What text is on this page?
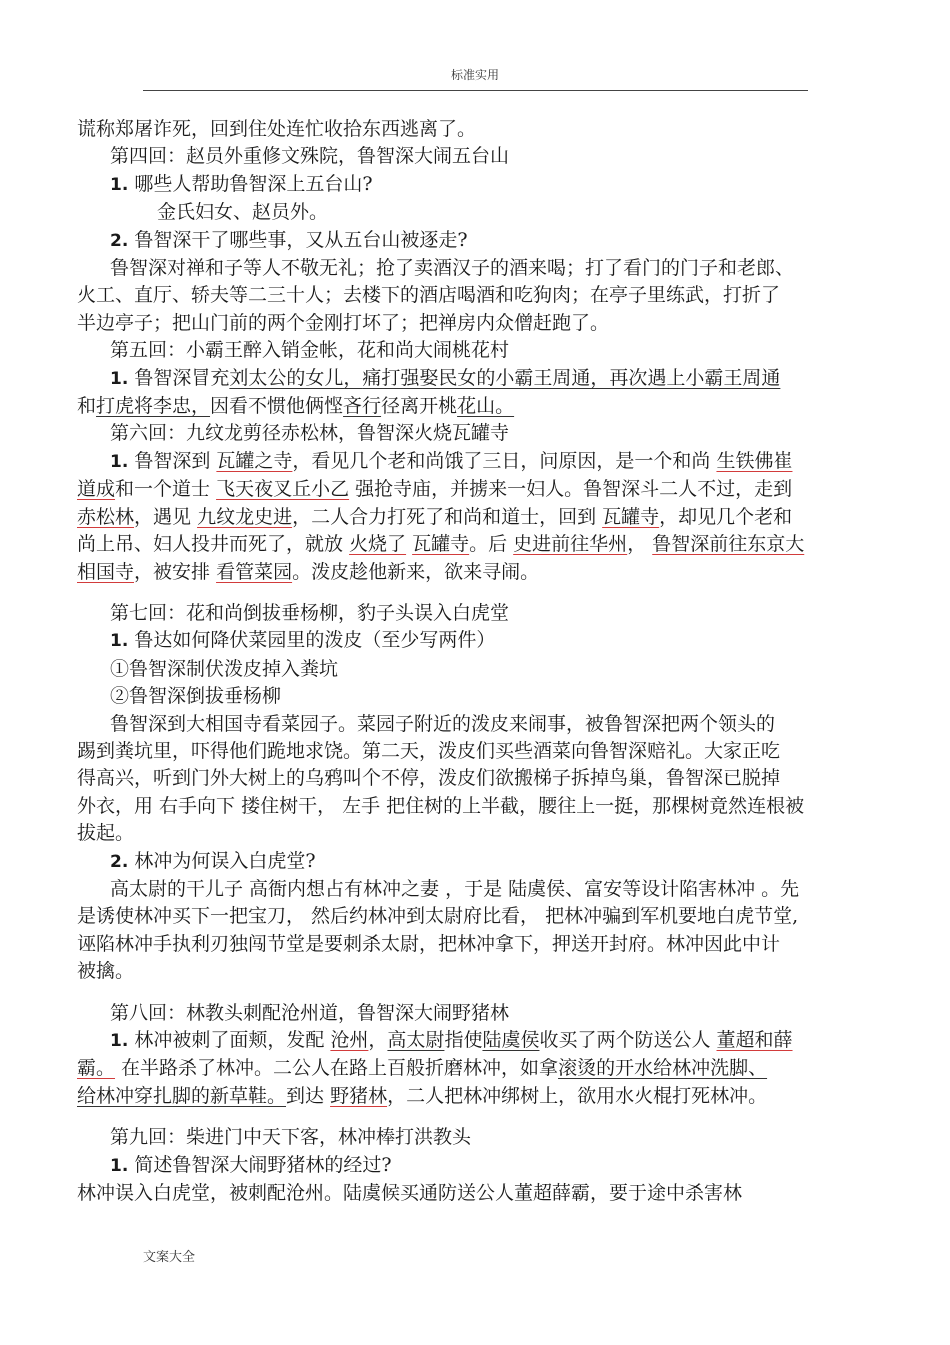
标准实用
谎称郑屠诈死，回到住处连忙收拾东西逃离了。
第四回：赵员外重修文殊院，鲁智深大闹五台山
1. 哪些人帮助鲁智深上五台山?
金氏妇女、赵员外。
2. 鲁智深干了哪些事，又从五台山被逐走?
鲁智深对禅和子等人不敬无礼；抢了卖酒汉子的酒来喝；打了看门的门子和老郎、
火工、直厅、轿夫等二三十人；去楼下的酒店喝酒和吃狗肉；在亭子里练武，打折了
半边亭子；把山门前的两个金刚打坏了；把禅房内众僧赶跑了。
第五回：小霸王醉入销金帐，花和尚大闹桃花村
1. 鲁智深冒充刘太公的女儿，痛打强娶民女的小霸王周通，再次遇上小霸王周通
和打虎将李忠，因看不惯他俩悭吝行径离开桃花山。
第六回：九纹龙剪径赤松林，鲁智深火烧瓦罐寺
1. 鲁智深到 瓦罐之寺，看见几个老和尚饿了三日，问原因，是一个和尚 生铁佛崔
道成和一个道士 飞天夜叉丘小乙 强抢寺庙，并掳来一妇人。鲁智深斗二人不过，走到
赤松林，遇见 九纹龙史进，二人合力打死了和尚和道士，回到 瓦罐寺，却见几个老和
尚上吊、妇人投井而死了，就放 火烧了 瓦罐寺。后 史进前往华州， 鲁智深前往东京大
相国寺，被安排 看管菜园。泼皮趁他新来，欲来寻闹。
第七回：花和尚倒拔垂杨柳，豹子头误入白虎堂
1. 鲁达如何降伏菜园里的泼皮（至少写两件）
①鲁智深制伏泼皮掉入粪坑
②鲁智深倒拔垂杨柳
鲁智深到大相国寺看菜园子。菜园子附近的泼皮来闹事，被鲁智深把两个领头的
踢到粪坑里，吓得他们跪地求饶。第二天，泼皮们买些酒菜向鲁智深赔礼。大家正吃
得高兴，听到门外大树上的乌鸦叫个不停，泼皮们欲搬梯子拆掉鸟巢，鲁智深已脱掉
外衣，用 右手向下 搂住树干， 左手 把住树的上半截，腰往上一挺，那棵树竟然连根被
拔起。
2. 林冲为何误入白虎堂?
高太尉的干儿子 高衙内想占有林冲之妻 ，于是 陆虞侯、富安等设计陷害林冲 。先
是诱使林冲买下一把宝刀， 然后约林冲到太尉府比看， 把林冲骗到军机要地白虎节堂,
诬陷林冲手执利刃独闯节堂是要刺杀太尉，把林冲拿下，押送开封府。林冲因此中计
被擒。
第八回：林教头刺配沧州道，鲁智深大闹野猪林
1. 林冲被刺了面颊，发配 沧州，高太尉指使陆虞侯收买了两个防送公人 董超和薛
霸。 在半路杀了林冲。二公人在路上百般折磨林冲，如拿滚烫的开水给林冲洗脚、
给林冲穿扎脚的新草鞋。到达 野猪林，二人把林冲绑树上，欲用水火棍打死林冲。
第九回：柴进门中天下客，林冲棒打洪教头
1. 简述鲁智深大闹野猪林的经过?
林冲误入白虎堂，被刺配沧州。陆虞候买通防送公人董超薛霸，要于途中杀害林
文案大全
